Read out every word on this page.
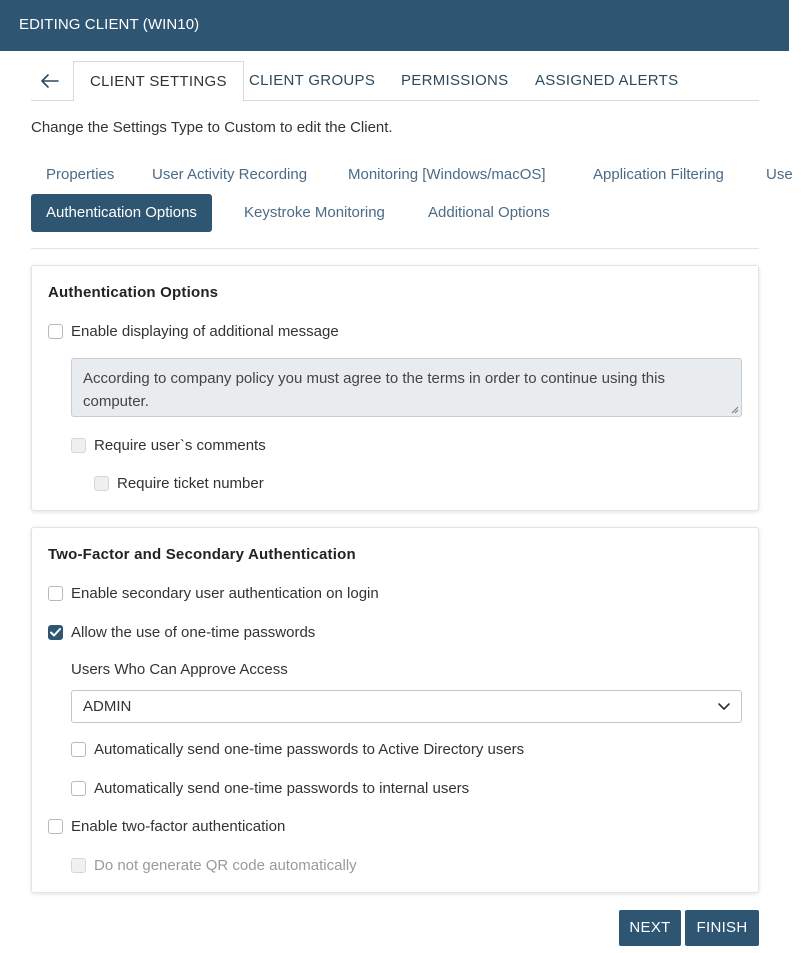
EDITING CLIENT (WIN10)
CLIENT SETTINGS	CLIENT GROUPS	PERMISSIONS	ASSIGNED ALERTS
Change the Settings Type to Custom to edit the Client.
Properties	User Activity Recording	Monitoring [Windows/macOS]	Application Filtering	Use
Authentication Options	Keystroke Monitoring	Additional Options
Authentication Options
Enable displaying of additional message
According to company policy you must agree to the terms in order to continue using this computer.
Require user`s comments
Require ticket number
Two-Factor and Secondary Authentication
Enable secondary user authentication on login
Allow the use of one-time passwords
Users Who Can Approve Access
ADMIN
Automatically send one-time passwords to Active Directory users
Automatically send one-time passwords to internal users
Enable two-factor authentication
Do not generate QR code automatically
NEXT	FINISH
